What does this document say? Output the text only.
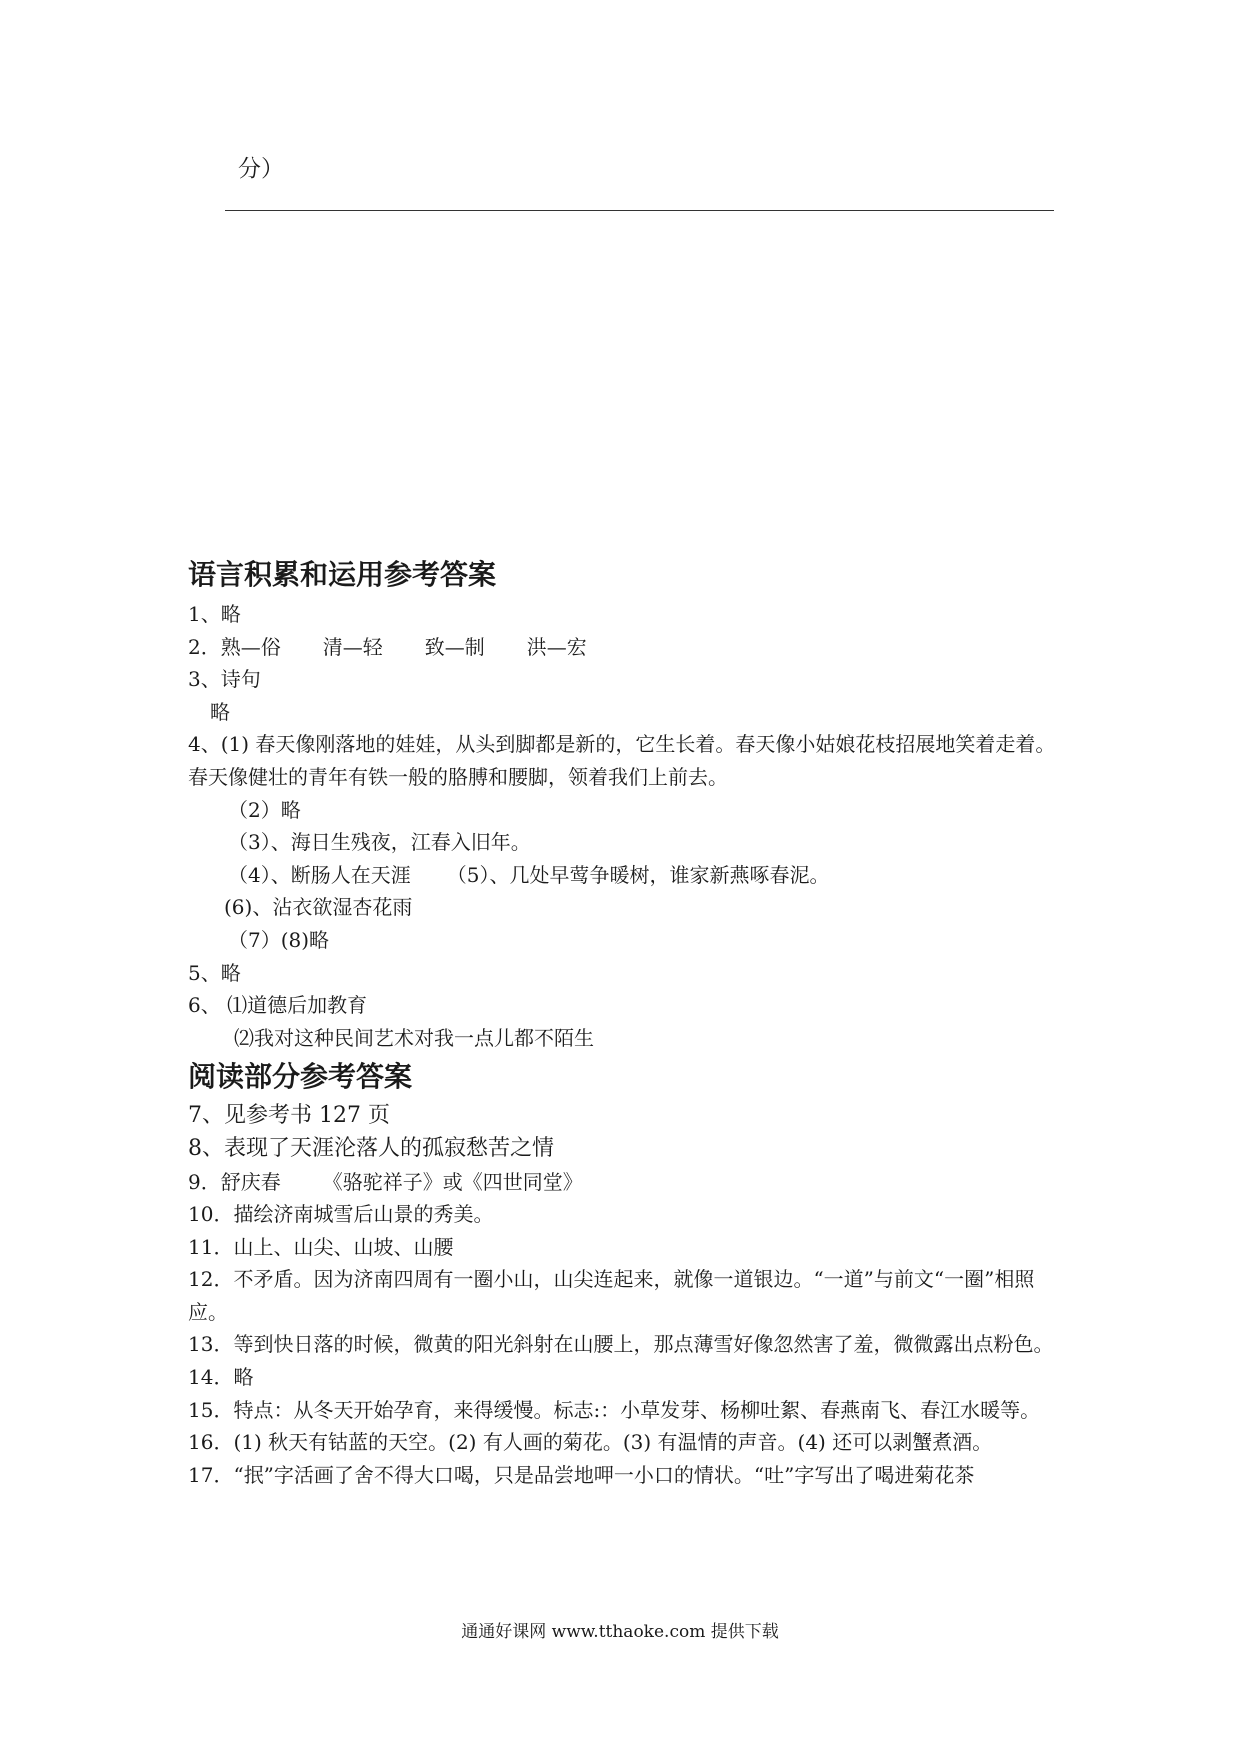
分）
语言积累和运用参考答案
1、略
2．熟—俗 清—轻 致—制 洪—宏
3、诗句
略
4、(1) 春天像刚落地的娃娃，从头到脚都是新的，它生长着。春天像小姑娘花枝招展地笑着走着。春天像健壮的青年有铁一般的胳膊和腰脚，领着我们上前去。
（2）略
（3）、海日生残夜，江春入旧年。
（4）、断肠人在天涯 （5）、几处早莺争暖树，谁家新燕啄春泥。
(6)、沾衣欲湿杏花雨
（7）(8)略
5、略
6、 ⑴道德后加教育
⑵我对这种民间艺术对我一点儿都不陌生
阅读部分参考答案
7、见参考书 127 页
8、表现了天涯沦落人的孤寂愁苦之情
9．舒庆春 《骆驼祥子》或《四世同堂》
10．描绘济南城雪后山景的秀美。
11．山上、山尖、山坡、山腰
12．不矛盾。因为济南四周有一圈小山，山尖连起来，就像一道银边。“一道”与前文“一圈”相照应。
13．等到快日落的时候，微黄的阳光斜射在山腰上，那点薄雪好像忽然害了羞，微微露出点粉色。
14．略
15．特点：从冬天开始孕育，来得缓慢。标志:：小草发芽、杨柳吐絮、春燕南飞、春江水暖等。
16．(1) 秋天有钴蓝的天空。(2) 有人画的菊花。(3) 有温情的声音。(4) 还可以剥蟹煮酒。
17．“抿”字活画了舍不得大口喝，只是品尝地呷一小口的情状。“吐”字写出了喝进菊花茶
通通好课网 www.tthaoke.com 提供下载
